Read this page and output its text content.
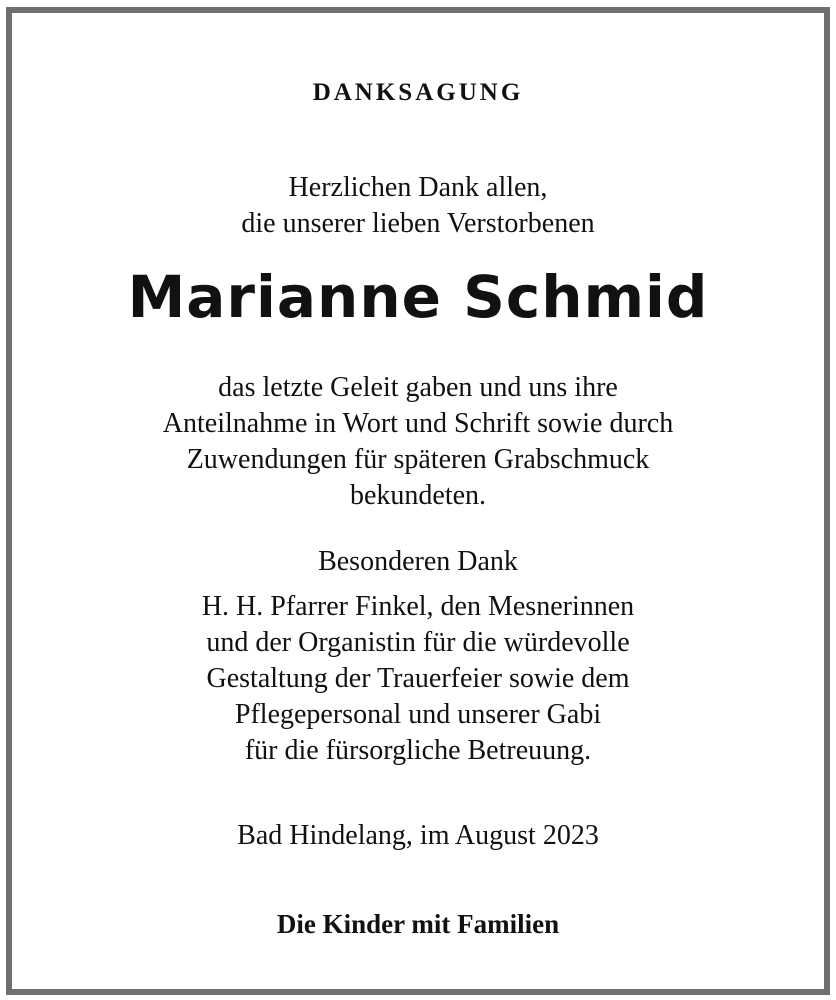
DANKSAGUNG
Herzlichen Dank allen,
die unserer lieben Verstorbenen
Marianne Schmid
das letzte Geleit gaben und uns ihre
Anteilnahme in Wort und Schrift sowie durch
Zuwendungen für späteren Grabschmuck
bekundeten.
Besonderen Dank
H. H. Pfarrer Finkel, den Mesnerinnen
und der Organistin für die würdevolle
Gestaltung der Trauerfeier sowie dem
Pflegepersonal und unserer Gabi
für die fürsorgliche Betreuung.
Bad Hindelang, im August 2023
Die Kinder mit Familien
